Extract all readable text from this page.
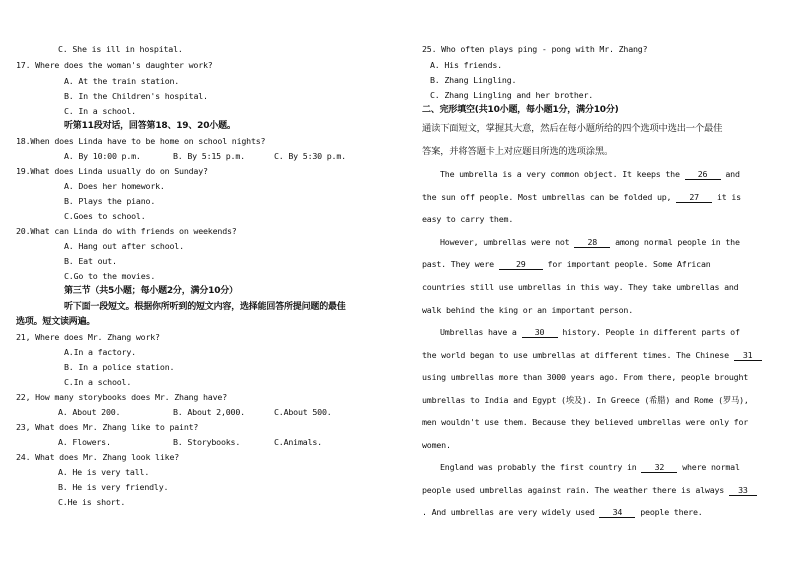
C. She is ill in hospital.
17. Where does the woman's daughter work?
A. At the train station.
B. In the Children's hospital.
C. In a school.
听第11段对话，回答第18、19、20小题。
18.When does Linda have to be home on school nights?
A. By 10:00 p.m.	B. By 5:15 p.m.	C. By 5:30 p.m.
19.What does Linda usually do on Sunday?
A. Does her homework.
B. Plays the piano.
C.Goes to school.
20.What can Linda do with friends on weekends?
A. Hang out after school.
B. Eat out.
C.Go to the movies.
第三节（共5小题；每小题2分，满分10分）
听下面一段短文。根据你所听到的短文内容，选择能回答所提问题的最佳
选项。短文读两遍。
21, Where does Mr. Zhang work?
A.In a factory.
B. In a police station.
C.In a school.
22, How many storybooks does Mr. Zhang have?
A. About 200.	B. About 2,000.	C.About 500.
23, What does Mr. Zhang like to paint?
A. Flowers.	B. Storybooks.	C.Animals.
24. What does Mr. Zhang look like?
A. He is very tall.
B. He is very friendly.
C.He is short.
25. Who often plays ping - pong with Mr. Zhang?
A. His friends.
B. Zhang Lingling.
C. Zhang Lingling and her brother.
二、完形填空(共10小题，每小题1分，满分10分)
通读下面短文，掌握其大意，然后在每小题所给的四个选项中选出一个最佳
答案，并将答题卡上对应题目所选的选项涂黑。
The umbrella is a very common object. It keeps the 26 and
the sun off people. Most umbrellas can be folded up, 27 it is
easy to carry them.
However, umbrellas were not 28 among normal people in the
past. They were	29	for important people. Some African
countries still use umbrellas in this way. They take umbrellas and
walk behind the king or an important person.
Umbrellas have a 30 history. People in different parts of
the world began to use umbrellas at different times. The Chinese 31
using umbrellas more than 3000 years ago. From there, people brought
umbrellas to India and Egypt (埃及). In Greece (希腊) and Rome (罗马),
men wouldn't use them. Because they believed umbrellas were only for
women.
England was probably the first country in 32 where normal
people used umbrellas against rain. The weather there is always 33
. And umbrellas are very widely used 34 people there.
